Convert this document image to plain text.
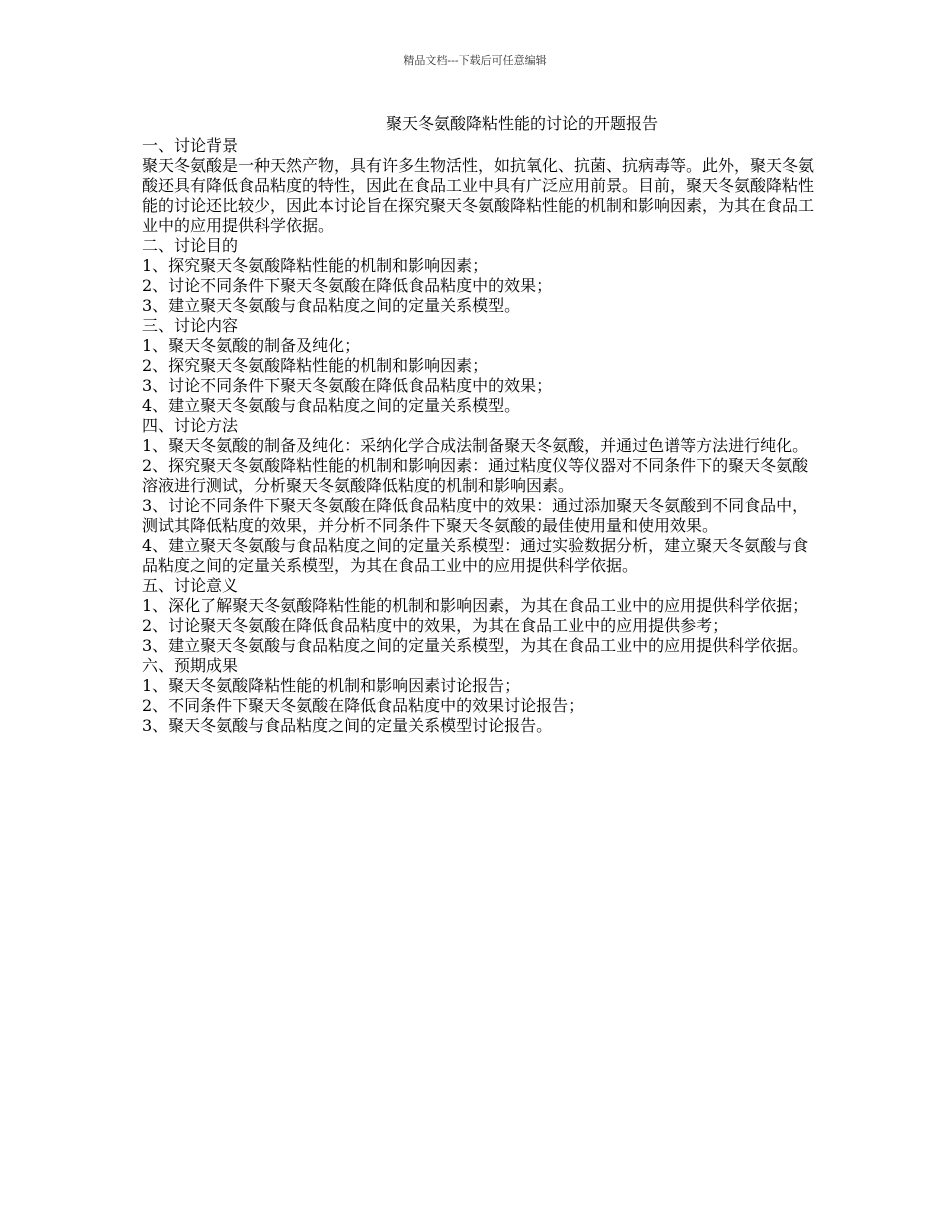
精品文档---下载后可任意编辑
聚天冬氨酸降粘性能的讨论的开题报告

一、讨论背景

聚天冬氨酸是一种天然产物，具有许多生物活性，如抗氧化、抗菌、抗病毒等。此外，聚天冬氨酸还具有降低食品粘度的特性，因此在食品工业中具有广泛应用前景。目前，聚天冬氨酸降粘性能的讨论还比较少，因此本讨论旨在探究聚天冬氨酸降粘性能的机制和影响因素，为其在食品工业中的应用提供科学依据。

二、讨论目的

1、探究聚天冬氨酸降粘性能的机制和影响因素；

2、讨论不同条件下聚天冬氨酸在降低食品粘度中的效果；

3、建立聚天冬氨酸与食品粘度之间的定量关系模型。

三、讨论内容

1、聚天冬氨酸的制备及纯化；

2、探究聚天冬氨酸降粘性能的机制和影响因素；

3、讨论不同条件下聚天冬氨酸在降低食品粘度中的效果；

4、建立聚天冬氨酸与食品粘度之间的定量关系模型。

四、讨论方法

1、聚天冬氨酸的制备及纯化：采纳化学合成法制备聚天冬氨酸，并通过色谱等方法进行纯化。

2、探究聚天冬氨酸降粘性能的机制和影响因素：通过粘度仪等仪器对不同条件下的聚天冬氨酸溶液进行测试，分析聚天冬氨酸降低粘度的机制和影响因素。

3、讨论不同条件下聚天冬氨酸在降低食品粘度中的效果：通过添加聚天冬氨酸到不同食品中，测试其降低粘度的效果，并分析不同条件下聚天冬氨酸的最佳使用量和使用效果。

4、建立聚天冬氨酸与食品粘度之间的定量关系模型：通过实验数据分析，建立聚天冬氨酸与食品粘度之间的定量关系模型，为其在食品工业中的应用提供科学依据。

五、讨论意义

1、深化了解聚天冬氨酸降粘性能的机制和影响因素，为其在食品工业中的应用提供科学依据；

2、讨论聚天冬氨酸在降低食品粘度中的效果，为其在食品工业中的应用提供参考；

3、建立聚天冬氨酸与食品粘度之间的定量关系模型，为其在食品工业中的应用提供科学依据。

六、预期成果

1、聚天冬氨酸降粘性能的机制和影响因素讨论报告；

2、不同条件下聚天冬氨酸在降低食品粘度中的效果讨论报告；

3、聚天冬氨酸与食品粘度之间的定量关系模型讨论报告。
